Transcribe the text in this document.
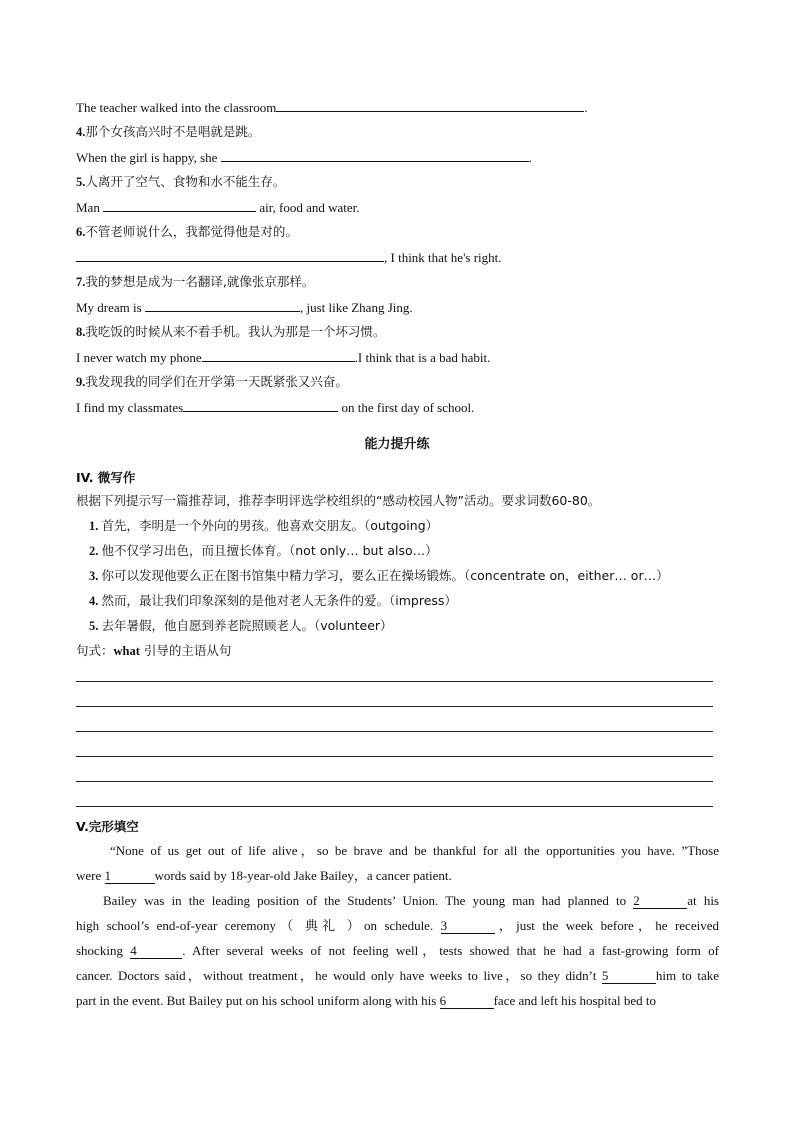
The teacher walked into the classroom	.
4.那个女孩高兴时不是唱就是跳。
When the girl is happy, she	.
5.人离开了空气、食物和水不能生存。
Man	air, food and water.
6.不管老师说什么，我都觉得他是对的。
, I think that he's right.
7.我的梦想是成为一名翻译,就像张京那样。
My dream is	, just like Zhang Jing.
8.我吃饭的时候从来不看手机。我认为那是一个坏习惯。
I never watch my phone	.I think that is a bad habit.
9.我发现我的同学们在开学第一天既紧张又兴奋。
I find my classmates	on the first day of school.
能力提升练
IV. 微写作
根据下列提示写一篇推荐词，推荐李明评选学校组织的“感动校园人物”活动。要求词数60-80。
1. 首先，李明是一个外向的男孩。他喜欢交朋友。（outgoing）
2. 他不仅学习出色，而且擅长体育。（not only… but also…）
3. 你可以发现他要么正在图书馆集中精力学习，要么正在操场锻炼。（concentrate on，either… or…）
4. 然而，最让我们印象深刻的是他对老人无条件的爱。（impress）
5. 去年暑假，他自愿到养老院照顾老人。（volunteer）
句式：what 引导的主语从句
V.完形填空
“None of us get out of life alive，so be brave and be thankful for all the opportunities you have. ”Those
were 1	words said by 18-year-old Jake Bailey，a cancer patient.
Bailey was in the leading position of the Students’ Union. The young man had planned to 2	at his
high school’s end-of-year ceremony（ 典礼 ）on schedule. 3	，just the week before，he received
shocking 4	. After several weeks of not feeling well，tests showed that he had a fast-growing form of
cancer. Doctors said，without treatment，he would only have weeks to live，so they didn’t 5	him to take
part in the event. But Bailey put on his school uniform along with his 6	face and left his hospital bed to
